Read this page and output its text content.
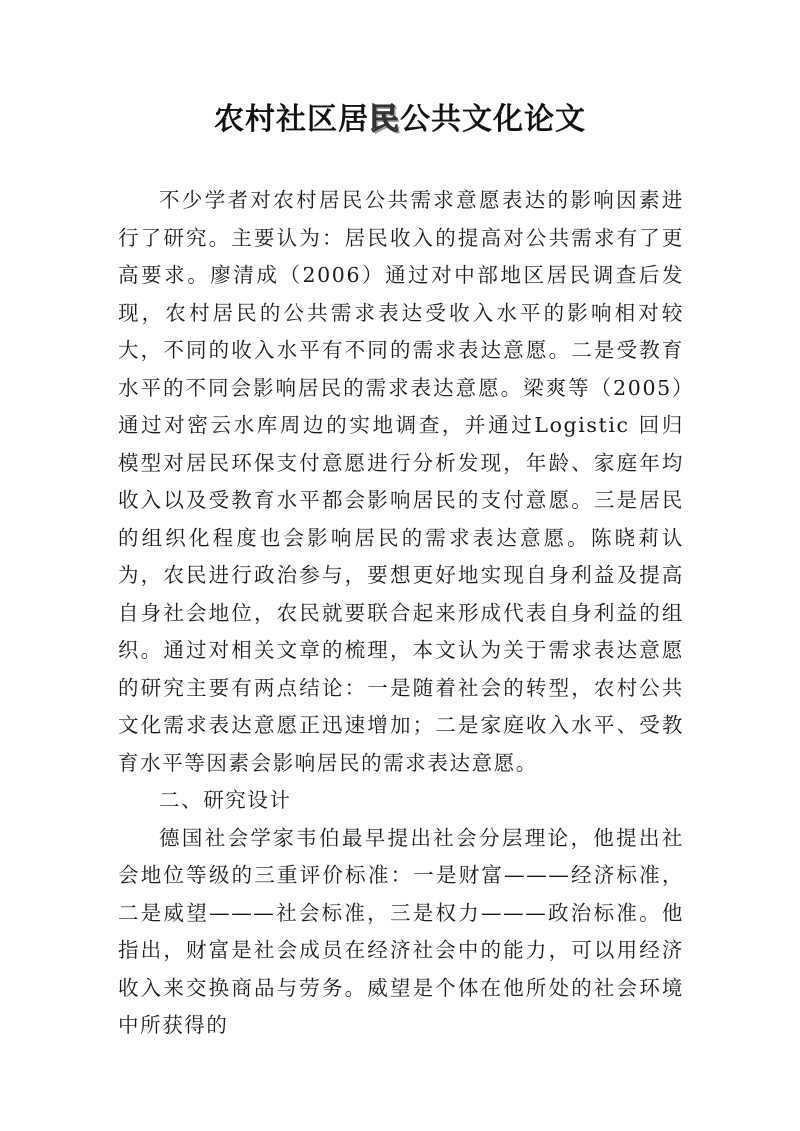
农村社区居民公共文化论文

不少学者对农村居民公共需求意愿表达的影响因素进行了研究。主要认为：居民收入的提高对公共需求有了更高要求。廖清成（2006）通过对中部地区居民调查后发现，农村居民的公共需求表达受收入水平的影响相对较大，不同的收入水平有不同的需求表达意愿。二是受教育水平的不同会影响居民的需求表达意愿。梁爽等（2005）通过对密云水库周边的实地调查，并通过Logistic 回归模型对居民环保支付意愿进行分析发现，年龄、家庭年均收入以及受教育水平都会影响居民的支付意愿。三是居民的组织化程度也会影响居民的需求表达意愿。陈晓莉认为，农民进行政治参与，要想更好地实现自身利益及提高自身社会地位，农民就要联合起来形成代表自身利益的组织。通过对相关文章的梳理，本文认为关于需求表达意愿的研究主要有两点结论：一是随着社会的转型，农村公共文化需求表达意愿正迅速增加；二是家庭收入水平、受教育水平等因素会影响居民的需求表达意愿。

二、研究设计

德国社会学家韦伯最早提出社会分层理论，他提出社会地位等级的三重评价标准：一是财富———经济标准，二是威望———社会标准，三是权力———政治标准。他指出，财富是社会成员在经济社会中的能力，可以用经济收入来交换商品与劳务。威望是个体在他所处的社会环境中所获得的
